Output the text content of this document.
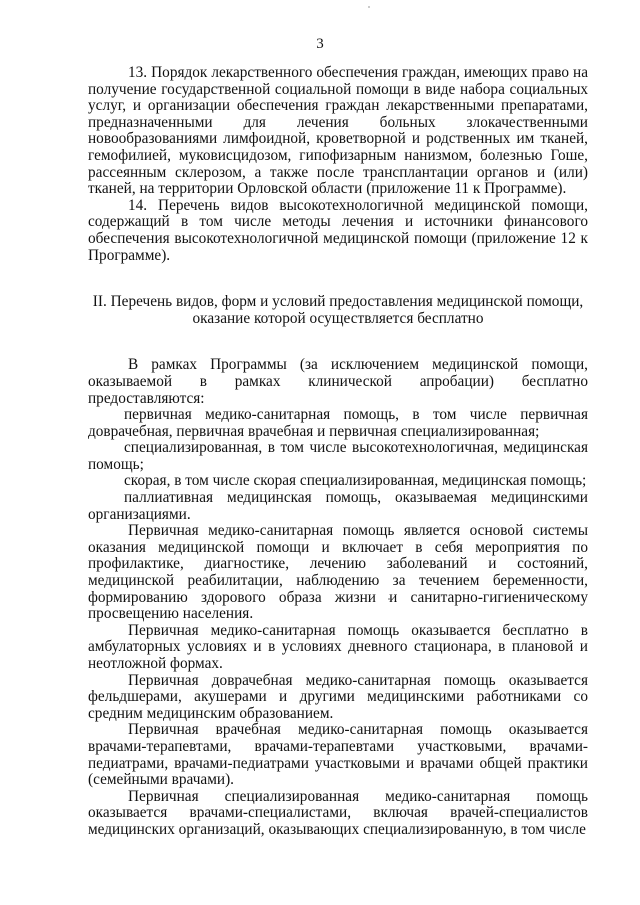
3

13. Порядок лекарственного обеспечения граждан, имеющих право на получение государственной социальной помощи в виде набора социальных услуг, и организации обеспечения граждан лекарственными препаратами, предназначенными для лечения больных злокачественными новообразованиями лимфоидной, кроветворной и родственных им тканей, гемофилией, муковисцидозом, гипофизарным нанизмом, болезнью Гоше, рассеянным склерозом, а также после трансплантации органов и (или) тканей, на территории Орловской области (приложение 11 к Программе).

14. Перечень видов высокотехнологичной медицинской помощи, содержащий в том числе методы лечения и источники финансового обеспечения высокотехнологичной медицинской помощи (приложение 12 к Программе).

II. Перечень видов, форм и условий предоставления медицинской помощи,
оказание которой осуществляется бесплатно

В рамках Программы (за исключением медицинской помощи, оказываемой в рамках клинической апробации) бесплатно предоставляются:

первичная медико-санитарная помощь, в том числе первичная доврачебная, первичная врачебная и первичная специализированная;

специализированная, в том числе высокотехнологичная, медицинская помощь;

скорая, в том числе скорая специализированная, медицинская помощь;

паллиативная медицинская помощь, оказываемая медицинскими организациями.

Первичная медико-санитарная помощь является основой системы оказания медицинской помощи и включает в себя мероприятия по профилактике, диагностике, лечению заболеваний и состояний, медицинской реабилитации, наблюдению за течением беременности, формированию здорового образа жизни и санитарно-гигиеническому просвещению населения.

Первичная медико-санитарная помощь оказывается бесплатно в амбулаторных условиях и в условиях дневного стационара, в плановой и неотложной формах.

Первичная доврачебная медико-санитарная помощь оказывается фельдшерами, акушерами и другими медицинскими работниками со средним медицинским образованием.

Первичная врачебная медико-санитарная помощь оказывается врачами-терапевтами, врачами-терапевтами участковыми, врачами-педиатрами, врачами-педиатрами участковыми и врачами общей практики (семейными врачами).

Первичная специализированная медико-санитарная помощь оказывается врачами-специалистами, включая врачей-специалистов медицинских организаций, оказывающих специализированную, в том числе
